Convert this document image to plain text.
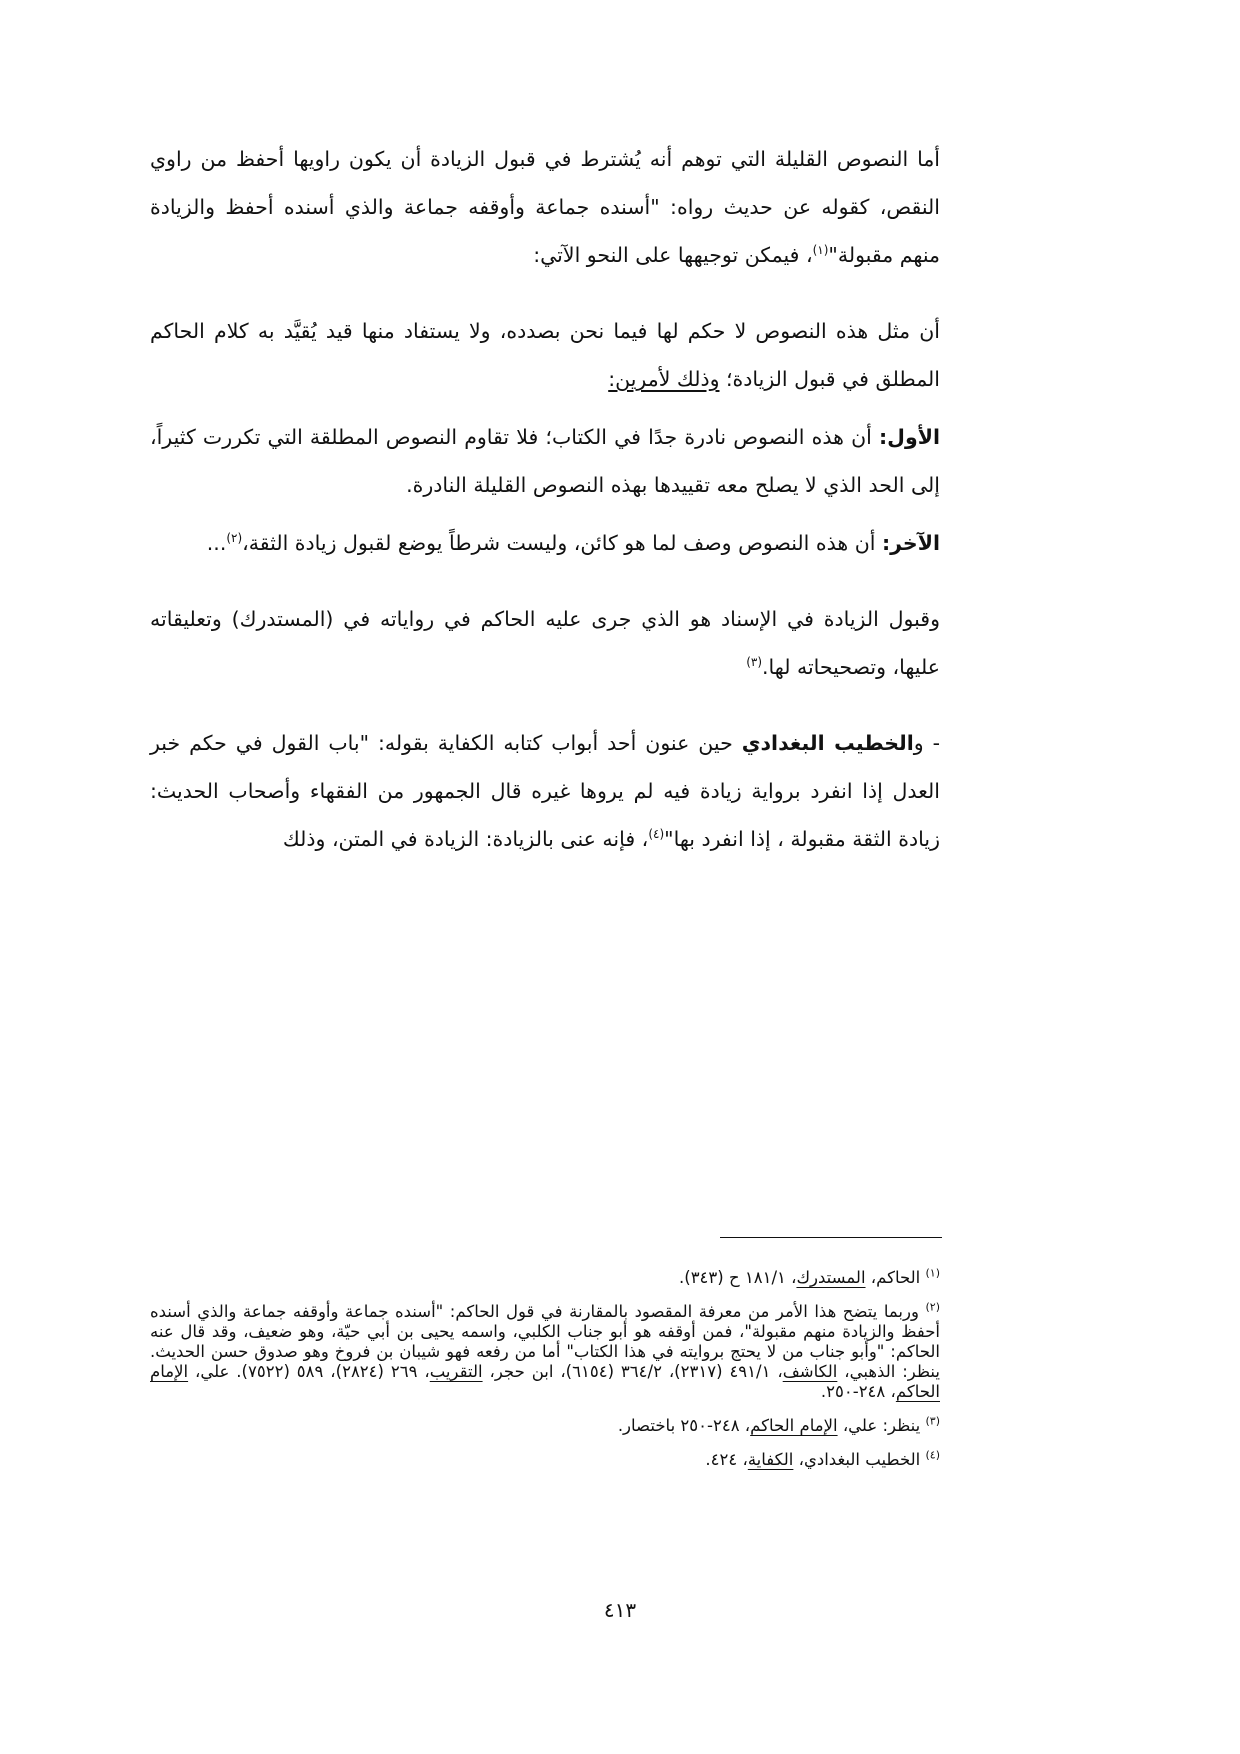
أما النصوص القليلة التي توهم أنه يُشترط في قبول الزيادة أن يكون راويها أحفظ من راوي النقص، كقوله عن حديث رواه: "أسنده جماعة وأوقفه جماعة والذي أسنده أحفظ والزيادة منهم مقبولة"$^{(١)}$، فيمكن توجيهها على النحو الآتي:

أن مثل هذه النصوص لا حكم لها فيما نحن بصدده، ولا يستفاد منها قيد يُقيَّد به كلام الحاكم المطلق في قبول الزيادة؛ وذلك لأمرين:

الأول: أن هذه النصوص نادرة جدًا في الكتاب؛ فلا تقاوم النصوص المطلقة التي تكررت كثيراً، إلى الحد الذي لا يصلح معه تقييدها بهذه النصوص القليلة النادرة.

الآخر: أن هذه النصوص وصف لما هو كائن، وليست شرطاً يوضع لقبول زيادة الثقة،$^{(٢)}$...

وقبول الزيادة في الإسناد هو الذي جرى عليه الحاكم في رواياته في (المستدرك) وتعليقاته عليها، وتصحيحاته لها.$^{(٣)}$

- والخطيب البغدادي حين عنون أحد أبواب كتابه الكفاية بقوله: "باب القول في حكم خبر العدل إذا انفرد برواية زيادة فيه لم يروها غيره قال الجمهور من الفقهاء وأصحاب الحديث: زيادة الثقة مقبولة ، إذا انفرد بها"$^{(٤)}$، فإنه عنى بالزيادة: الزيادة في المتن، وذلك

$^{(١)}$ الحاكم، المستدرك، ١٨١/١ ح (٣٤٣).

$^{(٢)}$ وربما يتضح هذا الأمر من معرفة المقصود بالمقارنة في قول الحاكم: "أسنده جماعة وأوقفه جماعة والذي أسنده أحفظ والزيادة منهم مقبولة"، فمن أوقفه هو أبو جناب الكلبي، واسمه يحيى بن أبي حيّة، وهو ضعيف، وقد قال عنه الحاكم: "وأبو جناب من لا يحتج بروايته في هذا الكتاب" أما من رفعه فهو شيبان بن فروخ وهو صدوق حسن الحديث. ينظر: الذهبي، الكاشف، ٤٩١/١ (٢٣١٧)، ٣٦٤/٢ (٦١٥٤)، ابن حجر، التقريب، ٢٦٩ (٢٨٢٤)، ٥٨٩ (٧٥٢٢). علي، الإمام الحاكم، ٢٤٨-٢٥٠.

$^{(٣)}$ ينظر: علي، الإمام الحاكم، ٢٤٨-٢٥٠ باختصار.

$^{(٤)}$ الخطيب البغدادي، الكفاية، ٤٢٤.

٤١٣
